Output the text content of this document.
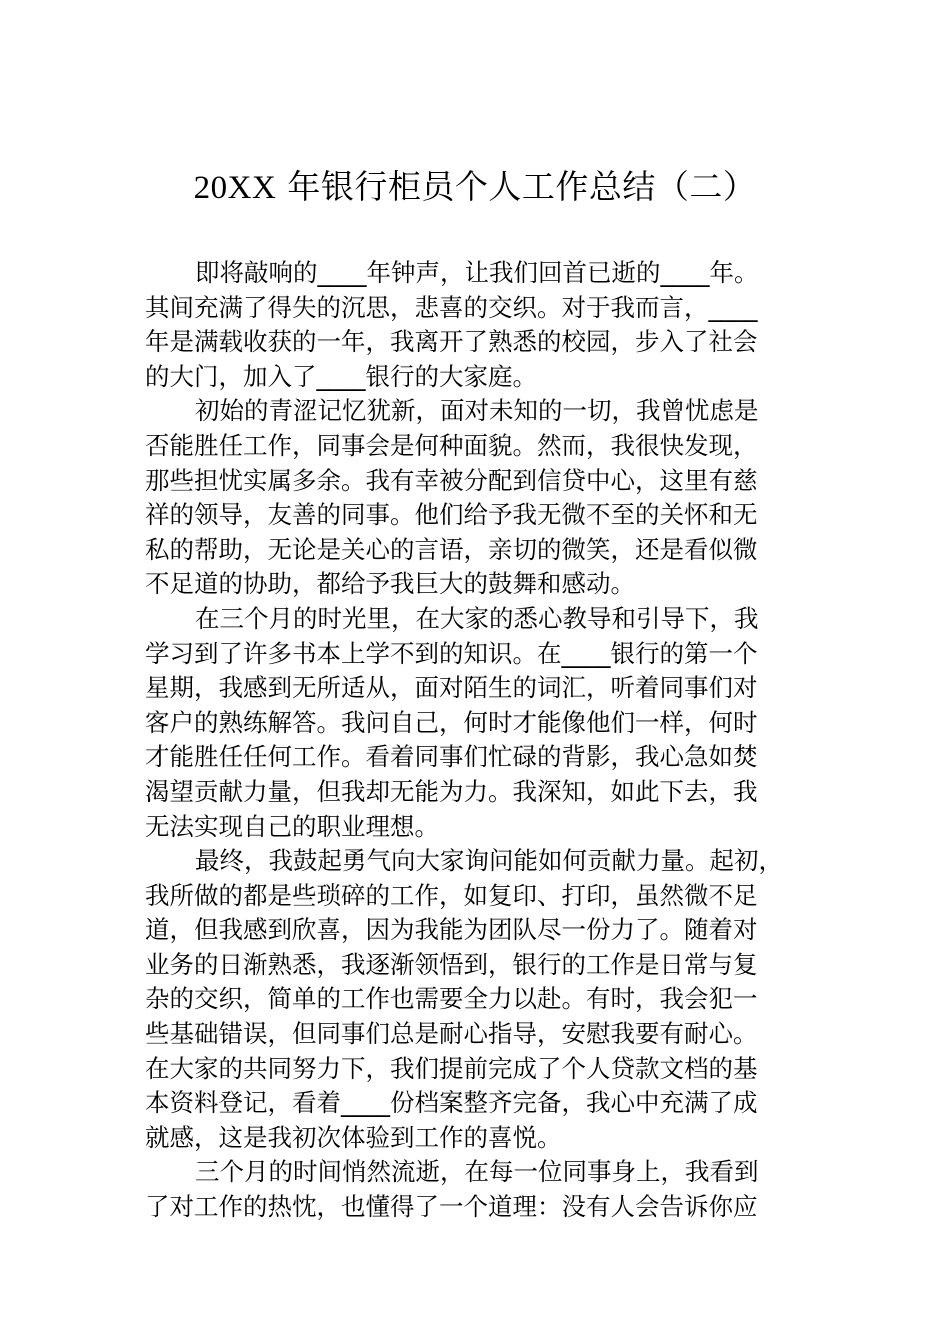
20XX 年银行柜员个人工作总结（二）
即将敲响的____年钟声，让我们回首已逝的____年。
其间充满了得失的沉思，悲喜的交织。对于我而言，____
年是满载收获的一年，我离开了熟悉的校园，步入了社会
的大门，加入了____银行的大家庭。
初始的青涩记忆犹新，面对未知的一切，我曾忧虑是
否能胜任工作，同事会是何种面貌。然而，我很快发现，
那些担忧实属多余。我有幸被分配到信贷中心，这里有慈
祥的领导，友善的同事。他们给予我无微不至的关怀和无
私的帮助，无论是关心的言语，亲切的微笑，还是看似微
不足道的协助，都给予我巨大的鼓舞和感动。
在三个月的时光里，在大家的悉心教导和引导下，我
学习到了许多书本上学不到的知识。在____银行的第一个
星期，我感到无所适从，面对陌生的词汇，听着同事们对
客户的熟练解答。我问自己，何时才能像他们一样，何时
才能胜任任何工作。看着同事们忙碌的背影，我心急如焚
渴望贡献力量，但我却无能为力。我深知，如此下去，我
无法实现自己的职业理想。
最终，我鼓起勇气向大家询问能如何贡献力量。起初，
我所做的都是些琐碎的工作，如复印、打印，虽然微不足
道，但我感到欣喜，因为我能为团队尽一份力了。随着对
业务的日渐熟悉，我逐渐领悟到，银行的工作是日常与复
杂的交织，简单的工作也需要全力以赴。有时，我会犯一
些基础错误，但同事们总是耐心指导，安慰我要有耐心。
在大家的共同努力下，我们提前完成了个人贷款文档的基
本资料登记，看着____份档案整齐完备，我心中充满了成
就感，这是我初次体验到工作的喜悦。
三个月的时间悄然流逝，在每一位同事身上，我看到
了对工作的热忱，也懂得了一个道理：没有人会告诉你应
